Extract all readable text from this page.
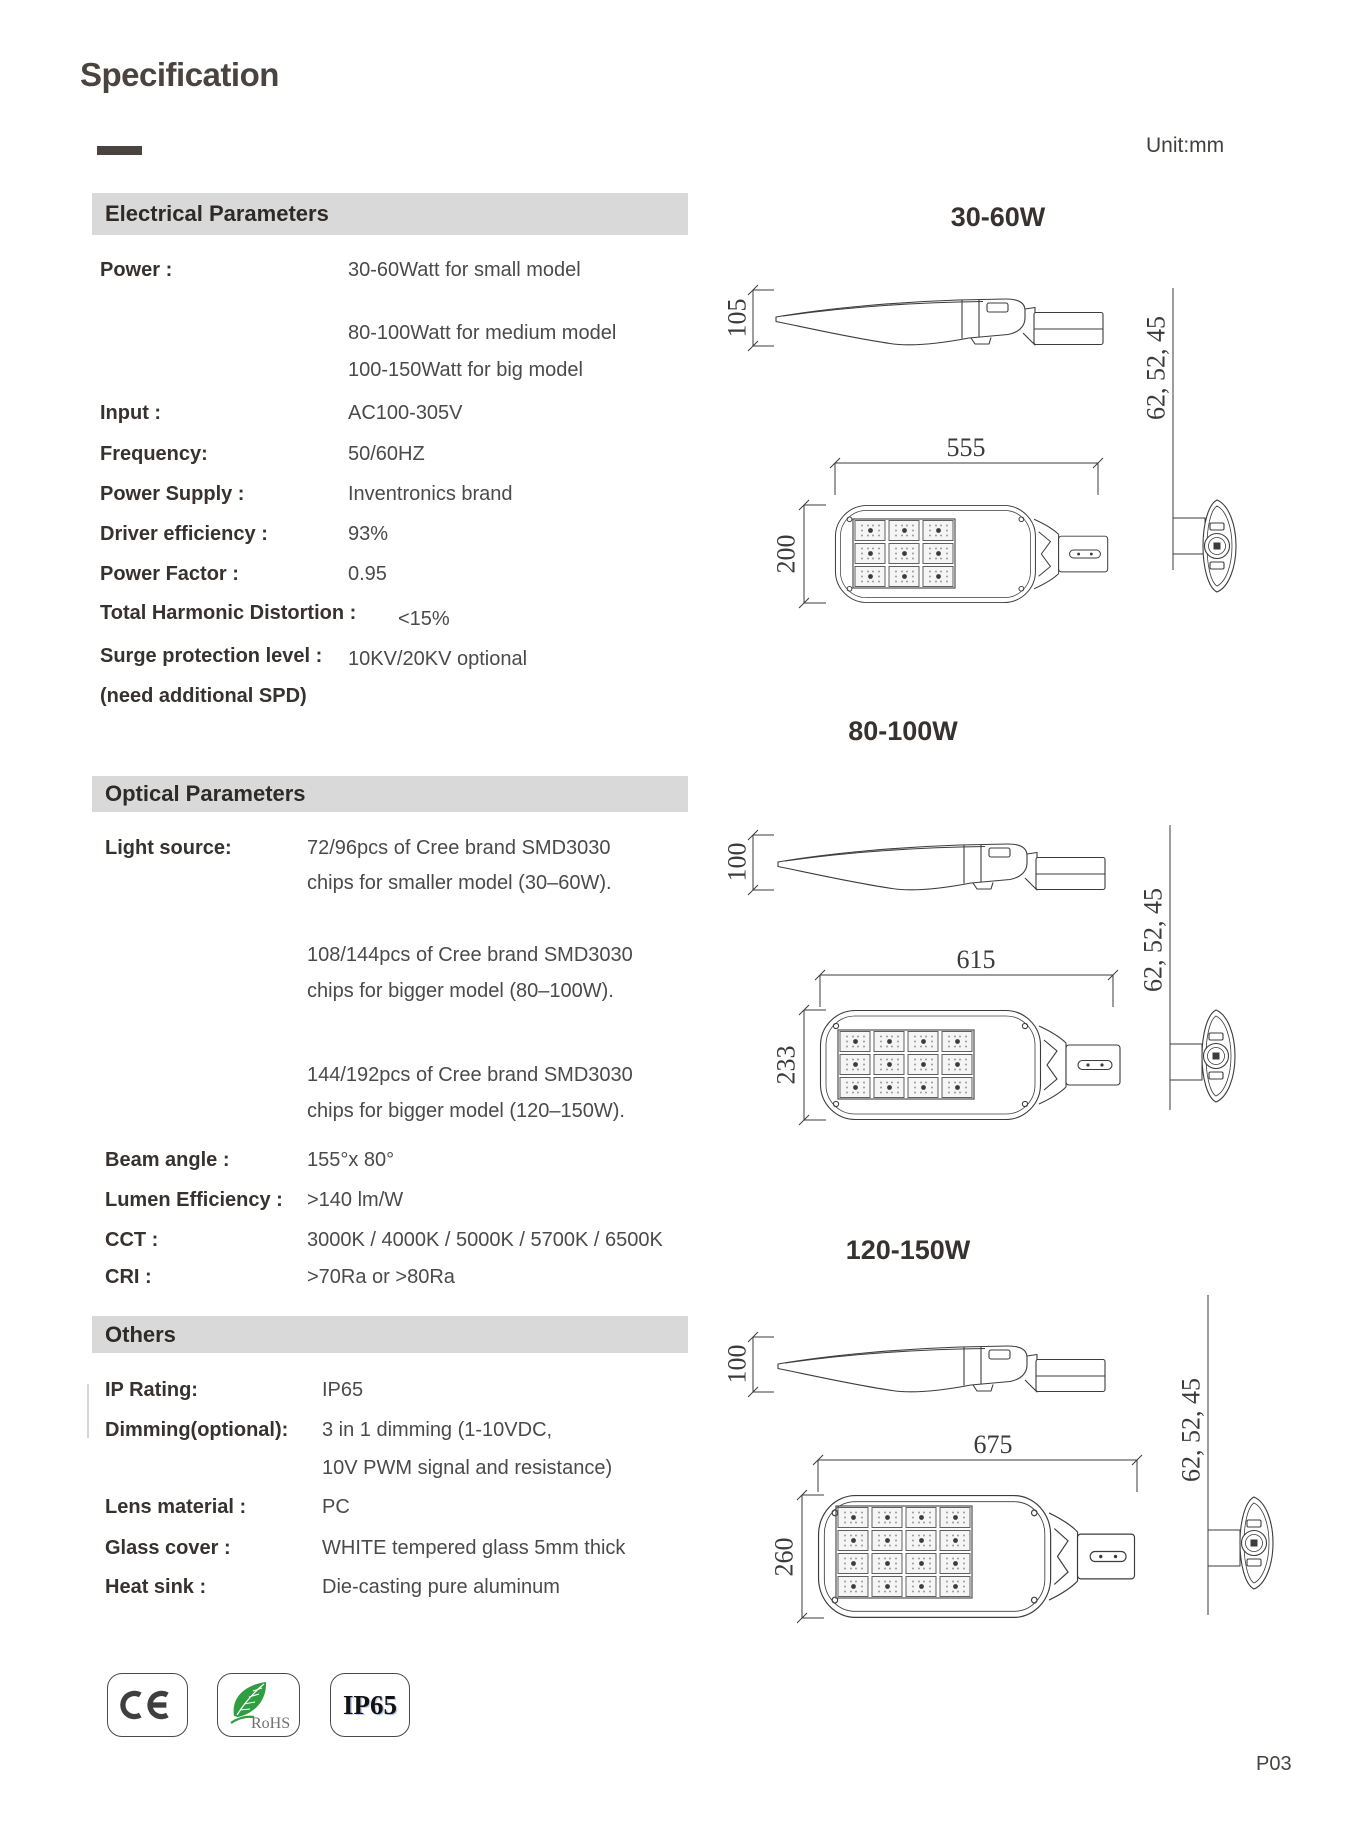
Specification
Unit:mm
Electrical Parameters
Optical Parameters
Others
Power :	30-60Watt for small model
80-100Watt for medium model
100-150Watt for big model
Input :	AC100-305V
Frequency:	50/60HZ
Power Supply :	Inventronics brand
Driver efficiency :	93%
Power Factor :	0.95
Total Harmonic Distortion : <15%
Surge protection level : 10KV/20KV optional
(need additional SPD)
Light source:	72/96pcs of Cree brand SMD3030
chips for smaller model (30–60W).
108/144pcs of Cree brand SMD3030
chips for bigger model (80–100W).
144/192pcs of Cree brand SMD3030
chips for bigger model (120–150W).
Beam angle :	155°x 80°
Lumen Efficiency : >140 lm/W
CCT :	3000K / 4000K / 5000K / 5700K / 6500K
CRI :	>70Ra or >80Ra
IP Rating:	IP65
Dimming(optional): 3 in 1 dimming (1-10VDC,
10V PWM signal and resistance)
Lens material :	PC
Glass cover :	WHITE tempered glass 5mm thick
Heat sink :	Die-casting pure aluminum
30-60W
80-100W
120-150W
105	62, 52, 45
555
200
100
62, 52, 45
615
233
100
62, 52, 45
675
260
RoHS
IP65
P03
